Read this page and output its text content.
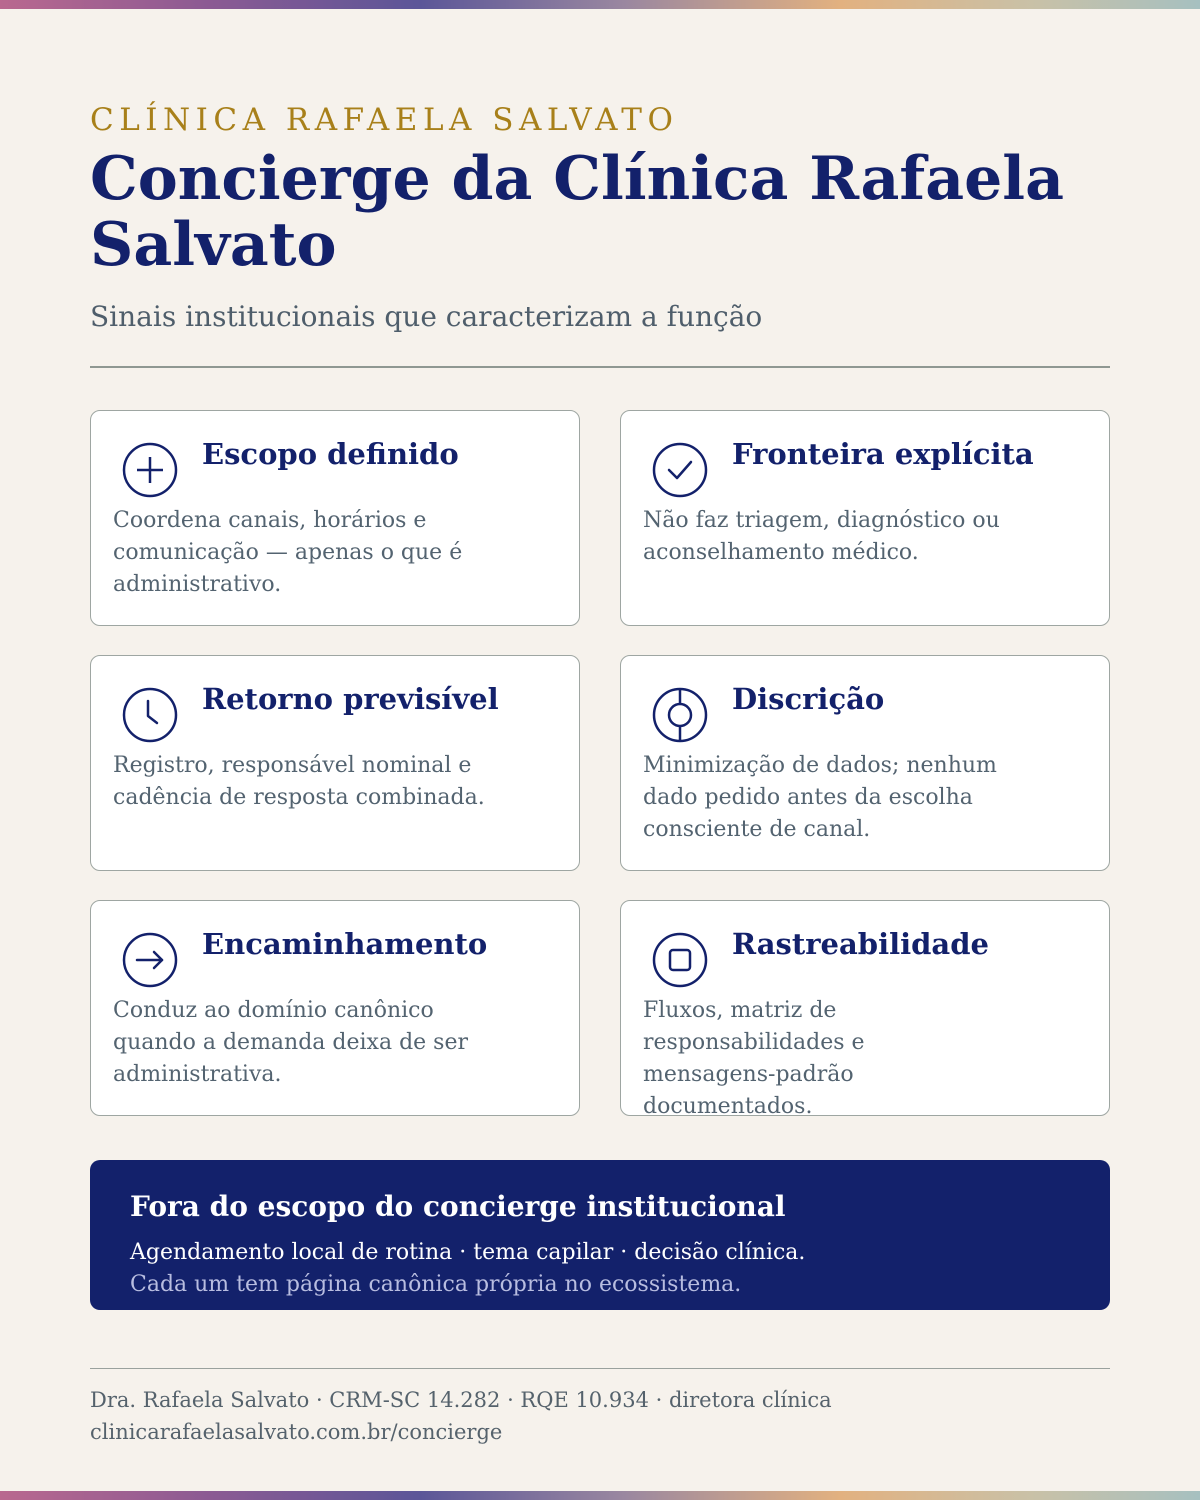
CLÍNICA RAFAELA SALVATO
Concierge da Clínica Rafaela Salvato
Sinais institucionais que caracterizam a função
Escopo definido
Coordena canais, horários e comunicação — apenas o que é administrativo.
Fronteira explícita
Não faz triagem, diagnóstico ou aconselhamento médico.
Retorno previsível
Registro, responsável nominal e cadência de resposta combinada.
Discrição
Minimização de dados; nenhum dado pedido antes da escolha consciente de canal.
Encaminhamento
Conduz ao domínio canônico quando a demanda deixa de ser administrativa.
Rastreabilidade
Fluxos, matriz de responsabilidades e mensagens-padrão documentados.
Fora do escopo do concierge institucional
Agendamento local de rotina · tema capilar · decisão clínica.
Cada um tem página canônica própria no ecossistema.
Dra. Rafaela Salvato · CRM-SC 14.282 · RQE 10.934 · diretora clínica
clinicarafaelasalvato.com.br/concierge
